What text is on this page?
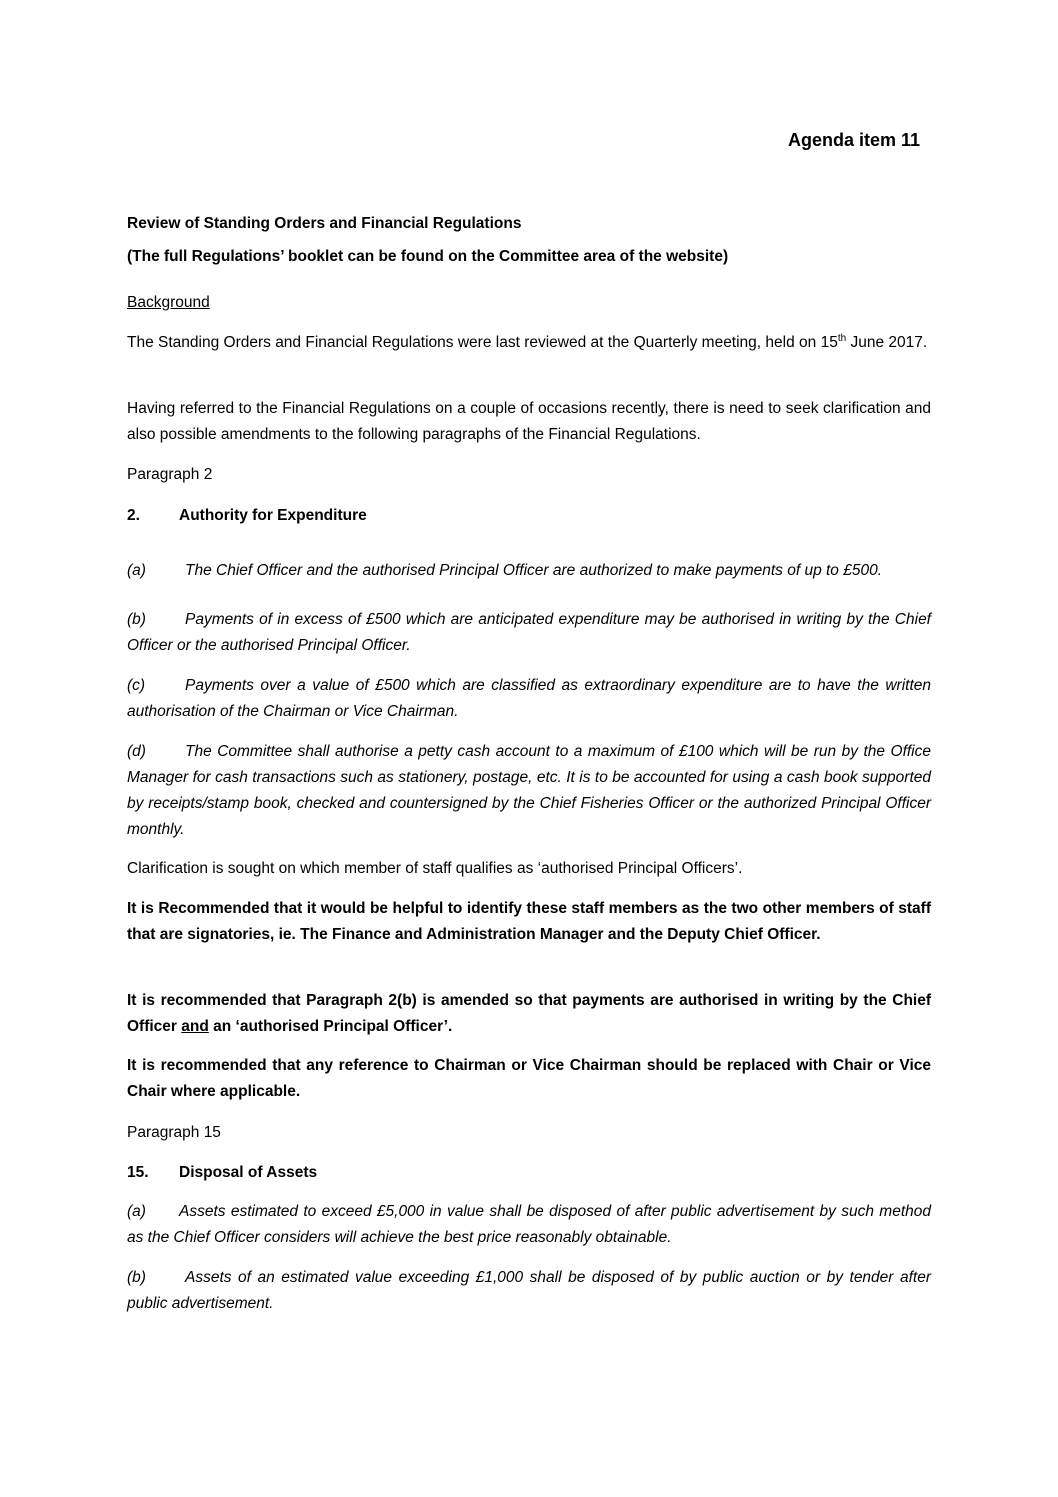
Agenda item 11

Review of Standing Orders and Financial Regulations

(The full Regulations’ booklet can be found on the Committee area of the website)

Background

The Standing Orders and Financial Regulations were last reviewed at the Quarterly meeting, held on 15th June 2017.

Having referred to the Financial Regulations on a couple of occasions recently, there is need to seek clarification and also possible amendments to the following paragraphs of the Financial Regulations.

Paragraph 2

2.	Authority for Expenditure

(a)	The Chief Officer and the authorised Principal Officer are authorized to make payments of up to £500.

(b)	Payments of in excess of £500 which are anticipated expenditure may be authorised in writing by the Chief Officer or the authorised Principal Officer.

(c)	Payments over a value of £500 which are classified as extraordinary expenditure are to have the written authorisation of the Chairman or Vice Chairman.

(d)	The Committee shall authorise a petty cash account to a maximum of £100 which will be run by the Office Manager for cash transactions such as stationery, postage, etc. It is to be accounted for using a cash book supported by receipts/stamp book, checked and countersigned by the Chief Fisheries Officer or the authorized Principal Officer monthly.

Clarification is sought on which member of staff qualifies as ‘authorised Principal Officers’.

It is Recommended that it would be helpful to identify these staff members as the two other members of staff that are signatories, ie. The Finance and Administration Manager and the Deputy Chief Officer.

It is recommended that Paragraph 2(b) is amended so that payments are authorised in writing by the Chief Officer and an ‘authorised Principal Officer’.

It is recommended that any reference to Chairman or Vice Chairman should be replaced with Chair or Vice Chair where applicable.

Paragraph 15

15. Disposal of Assets

(a) Assets estimated to exceed £5,000 in value shall be disposed of after public advertisement by such method as the Chief Officer considers will achieve the best price reasonably obtainable.

(b)	Assets of an estimated value exceeding £1,000 shall be disposed of by public auction or by tender after public advertisement.
